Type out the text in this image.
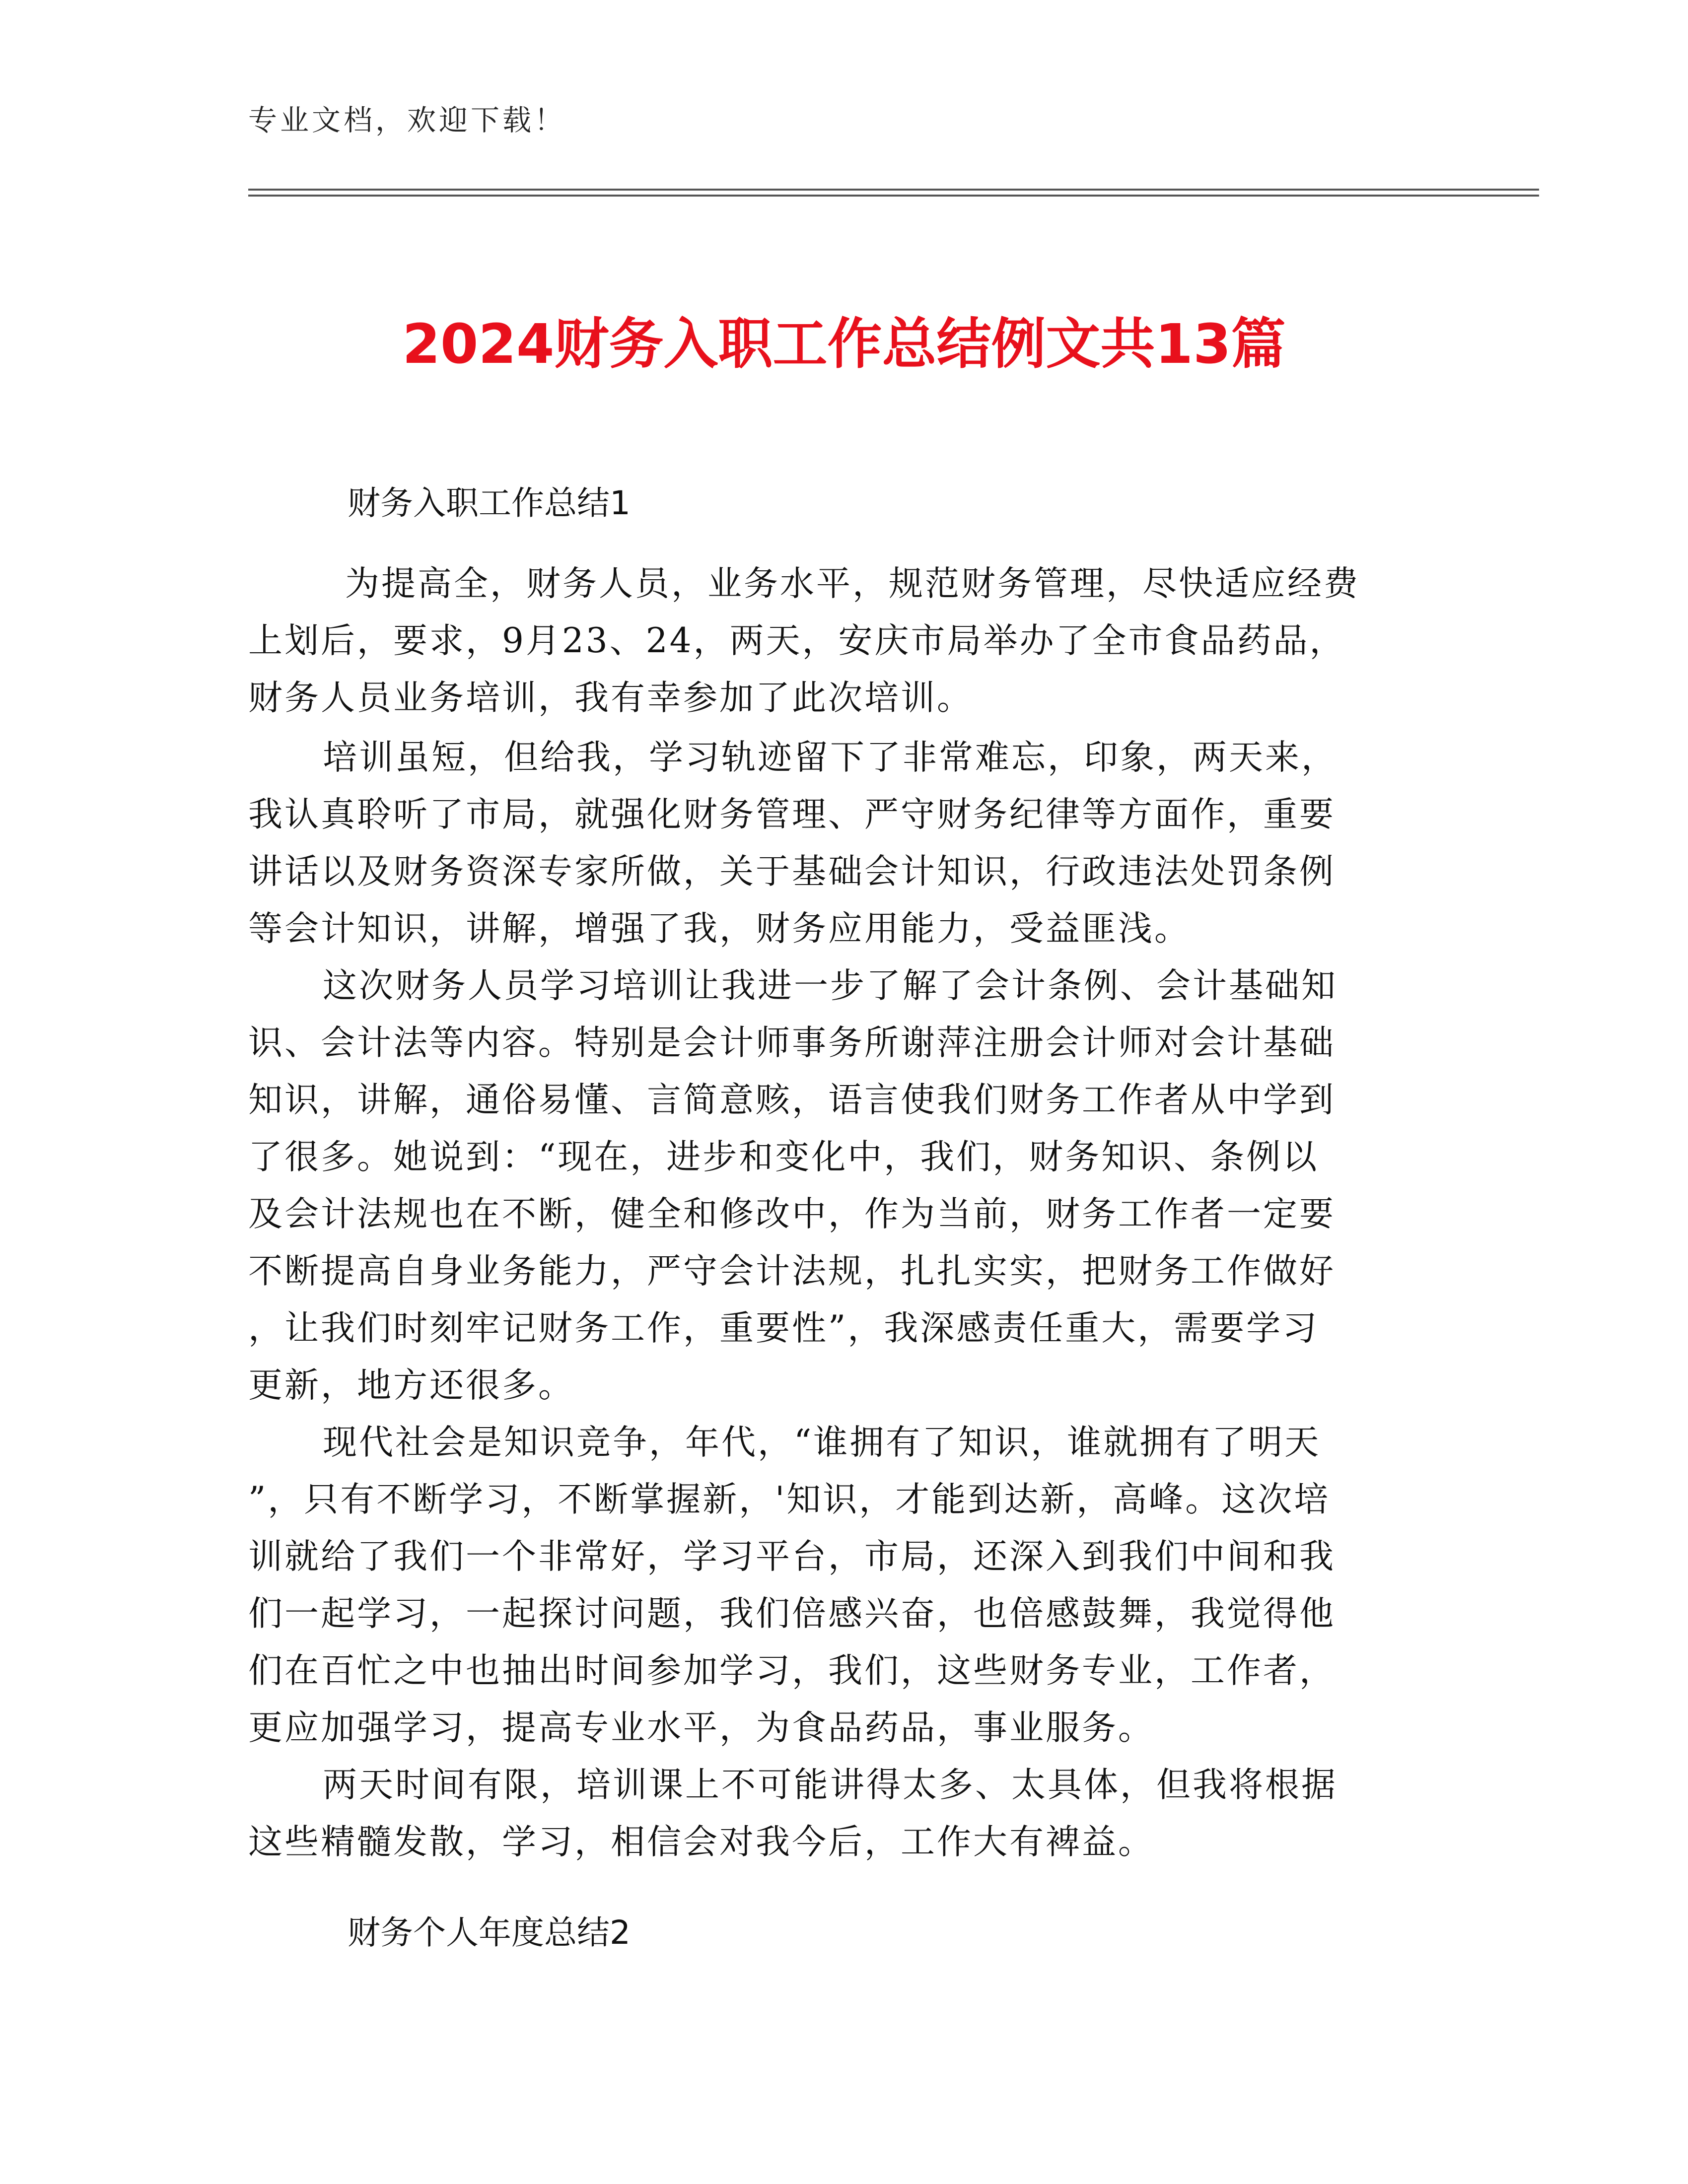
专业文档，欢迎下载！
2024财务入职工作总结例文共13篇
财务入职工作总结1
为提高全，财务人员，业务水平，规范财务管理，尽快适应经费
上划后，要求，9月23、24，两天，安庆市局举办了全市食品药品，
财务人员业务培训，我有幸参加了此次培训。
培训虽短，但给我，学习轨迹留下了非常难忘，印象，两天来，
我认真聆听了市局，就强化财务管理、严守财务纪律等方面作，重要
讲话以及财务资深专家所做，关于基础会计知识，行政违法处罚条例
等会计知识，讲解，增强了我，财务应用能力，受益匪浅。
这次财务人员学习培训让我进一步了解了会计条例、会计基础知
识、会计法等内容。特别是会计师事务所谢萍注册会计师对会计基础
知识，讲解，通俗易懂、言简意赅，语言使我们财务工作者从中学到
了很多。她说到：“现在，进步和变化中，我们，财务知识、条例以
及会计法规也在不断，健全和修改中，作为当前，财务工作者一定要
不断提高自身业务能力，严守会计法规，扎扎实实，把财务工作做好
，让我们时刻牢记财务工作，重要性”，我深感责任重大，需要学习
更新，地方还很多。
现代社会是知识竞争，年代，“谁拥有了知识，谁就拥有了明天
”，只有不断学习，不断掌握新，'知识，才能到达新，高峰。这次培
训就给了我们一个非常好，学习平台，市局，还深入到我们中间和我
们一起学习，一起探讨问题，我们倍感兴奋，也倍感鼓舞，我觉得他
们在百忙之中也抽出时间参加学习，我们，这些财务专业，工作者，
更应加强学习，提高专业水平，为食品药品，事业服务。
两天时间有限，培训课上不可能讲得太多、太具体，但我将根据
这些精髓发散，学习，相信会对我今后，工作大有裨益。
财务个人年度总结2
